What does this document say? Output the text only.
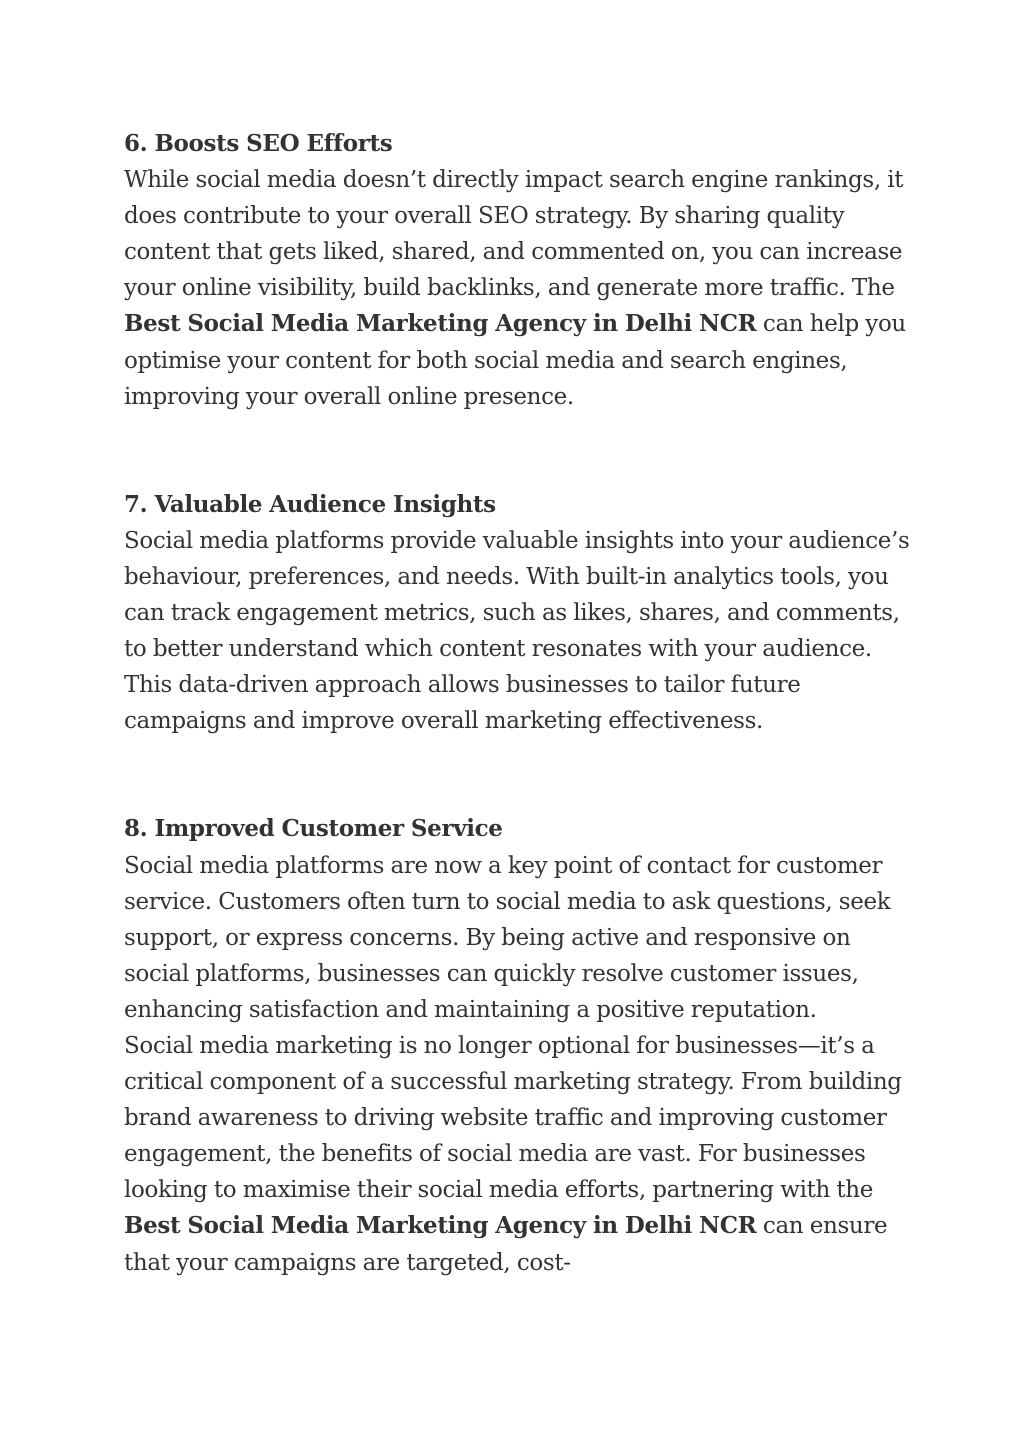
6. Boosts SEO Efforts

While social media doesn’t directly impact search engine rankings, it does contribute to your overall SEO strategy. By sharing quality content that gets liked, shared, and commented on, you can increase your online visibility, build backlinks, and generate more traffic. The Best Social Media Marketing Agency in Delhi NCR can help you optimise your content for both social media and search engines, improving your overall online presence.

7. Valuable Audience Insights

Social media platforms provide valuable insights into your audience’s behaviour, preferences, and needs. With built-in analytics tools, you can track engagement metrics, such as likes, shares, and comments, to better understand which content resonates with your audience. This data-driven approach allows businesses to tailor future campaigns and improve overall marketing effectiveness.

8. Improved Customer Service

Social media platforms are now a key point of contact for customer service. Customers often turn to social media to ask questions, seek support, or express concerns. By being active and responsive on social platforms, businesses can quickly resolve customer issues, enhancing satisfaction and maintaining a positive reputation.

Social media marketing is no longer optional for businesses—it’s a critical component of a successful marketing strategy. From building brand awareness to driving website traffic and improving customer engagement, the benefits of social media are vast. For businesses looking to maximise their social media efforts, partnering with the Best Social Media Marketing Agency in Delhi NCR can ensure that your campaigns are targeted, cost-
